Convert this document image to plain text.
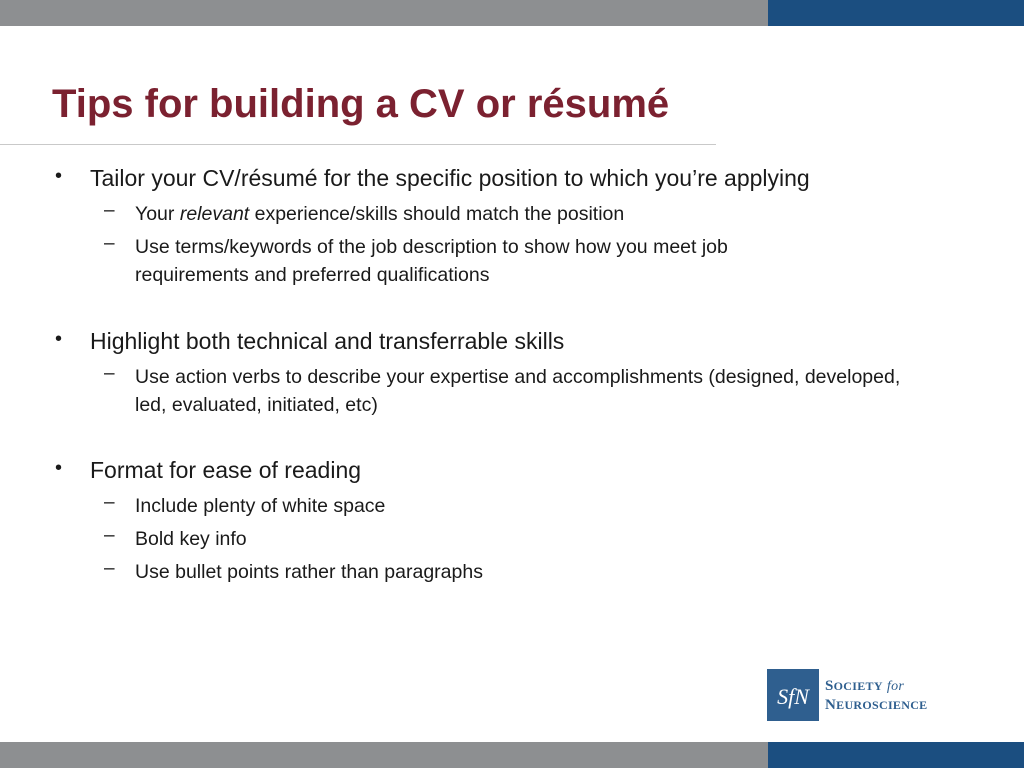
Tips for building a CV or résumé
• Tailor your CV/résumé for the specific position to which you’re applying
– Your relevant experience/skills should match the position
– Use terms/keywords of the job description to show how you meet job requirements and preferred qualifications
• Highlight both technical and transferrable skills
– Use action verbs to describe your expertise and accomplishments (designed, developed, led, evaluated, initiated, etc)
• Format for ease of reading
– Include plenty of white space
– Bold key info
– Use bullet points rather than paragraphs
SfN SOCIETY for
NEUROSCIENCE
